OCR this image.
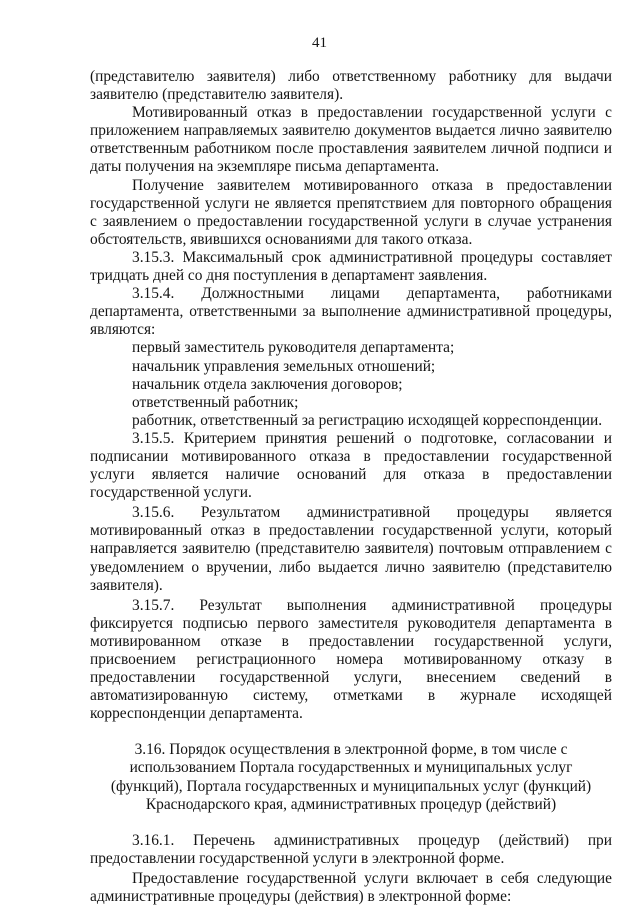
41

(представителю заявителя) либо ответственному работнику для выдачи заявителю (представителю заявителя).

Мотивированный отказ в предоставлении государственной услуги с приложением направляемых заявителю документов выдается лично заявителю ответственным работником после проставления заявителем личной подписи и даты получения на экземпляре письма департамента.

Получение заявителем мотивированного отказа в предоставлении государственной услуги не является препятствием для повторного обращения с заявлением о предоставлении государственной услуги в случае устранения обстоятельств, явившихся основаниями для такого отказа.

3.15.3. Максимальный срок административной процедуры составляет тридцать дней со дня поступления в департамент заявления.

3.15.4. Должностными лицами департамента, работниками департамента, ответственными за выполнение административной процедуры, являются:

первый заместитель руководителя департамента;

начальник управления земельных отношений;

начальник отдела заключения договоров;

ответственный работник;

работник, ответственный за регистрацию исходящей корреспонденции.

3.15.5. Критерием принятия решений о подготовке, согласовании и подписании мотивированного отказа в предоставлении государственной услуги является наличие оснований для отказа в предоставлении государственной услуги.

3.15.6. Результатом административной процедуры является мотивированный отказ в предоставлении государственной услуги, который направляется заявителю (представителю заявителя) почтовым отправлением с уведомлением о вручении, либо выдается лично заявителю (представителю заявителя).

3.15.7. Результат выполнения административной процедуры фиксируется подписью первого заместителя руководителя департамента в мотивированном отказе в предоставлении государственной услуги, присвоением регистрационного номера мотивированному отказу в предоставлении государственной услуги, внесением сведений в автоматизированную систему, отметками в журнале исходящей корреспонденции департамента.

3.16. Порядок осуществления в электронной форме, в том числе с использованием Портала государственных и муниципальных услуг (функций), Портала государственных и муниципальных услуг (функций) Краснодарского края, административных процедур (действий)

3.16.1. Перечень административных процедур (действий) при предоставлении государственной услуги в электронной форме.

Предоставление государственной услуги включает в себя следующие административные процедуры (действия) в электронной форме:
